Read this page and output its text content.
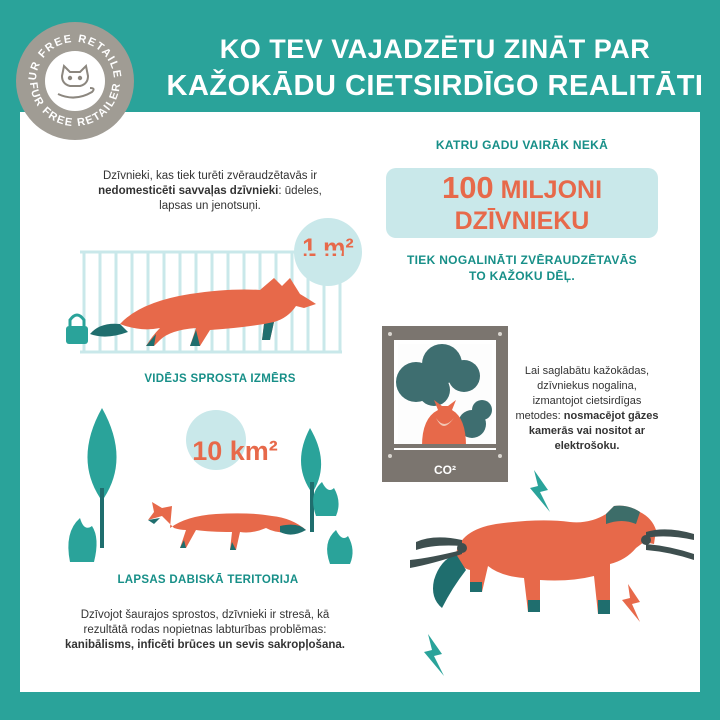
KO TEV VAJADZĒTU ZINĀT PAR
KAŽOKĀDU CIETSIRDĪGO REALITĀTI
UR FREE RETAILE
FUR FREE RETAILER
Dzīvnieki, kas tiek turēti zvēraudzētavās ir nedomesticēti savvaļas dzīvnieki: ūdeles, lapsas un jenotsuņi.
1 m²
VIDĒJS SPROSTA IZMĒRS
10 km²
LAPSAS DABISKĀ TERITORIJA
Dzīvojot šaurajos sprostos, dzīvnieki ir stresā, kā rezultātā rodas nopietnas labturības problēmas: kanibālisms, inficēti brūces un sevis sakropļošana.
KATRU GADU VAIRĀK NEKĀ
100 MILJONI
DZĪVNIEKU
TIEK NOGALINĀTI ZVĒRAUDZĒTAVĀS
TO KAŽOKU DĒĻ.
CO²
Lai saglabātu kažokādas, dzīvniekus nogalina, izmantojot cietsirdīgas metodes: nosmacējot gāzes kamerās vai nositot ar elektrošoku.
